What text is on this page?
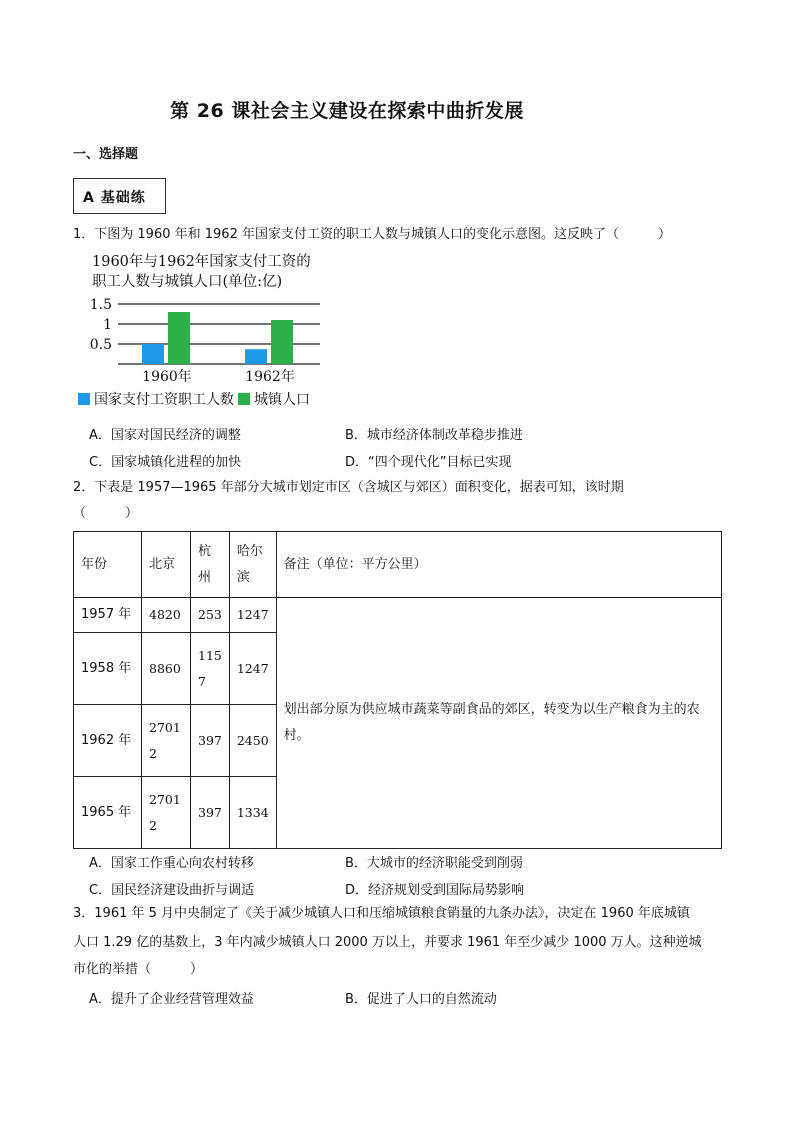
第 26 课社会主义建设在探索中曲折发展
一、选择题
A 基础练
1．下图为 1960 年和 1962 年国家支付工资的职工人数与城镇人口的变化示意图。这反映了（　　　）
1960年与1962年国家支付工资的
职工人数与城镇人口(单位:亿)
1.5
1
0.5
1960年	1962年
国家支付工资职工人数 城镇人口
A．国家对国民经济的调整	B．城市经济体制改革稳步推进
C．国家城镇化进程的加快	D．“四个现代化”目标已实现
2．下表是 1957—1965 年部分大城市划定市区（含城区与郊区）面积变化，据表可知，该时期
（　　　）
年份	北京	杭州	哈尔滨	备注（单位：平方公里）
1957 年	4820	253	1247	划出部分原为供应城市蔬菜等副食品的郊区，转变为以生产粮食为主的农村。
1958 年	8860	1157	1247	
1962 年	27012	397	2450	
1965 年	27012	397	1334	
A．国家工作重心向农村转移	B．大城市的经济职能受到削弱
C．国民经济建设曲折与调适	D．经济规划受到国际局势影响
3．1961 年 5 月中央制定了《关于减少城镇人口和压缩城镇粮食销量的九条办法》，决定在 1960 年底城镇
人口 1.29 亿的基数上，3 年内减少城镇人口 2000 万以上，并要求 1961 年至少减少 1000 万人。这种逆城
市化的举措（　　　）
A．提升了企业经营管理效益	B．促进了人口的自然流动
